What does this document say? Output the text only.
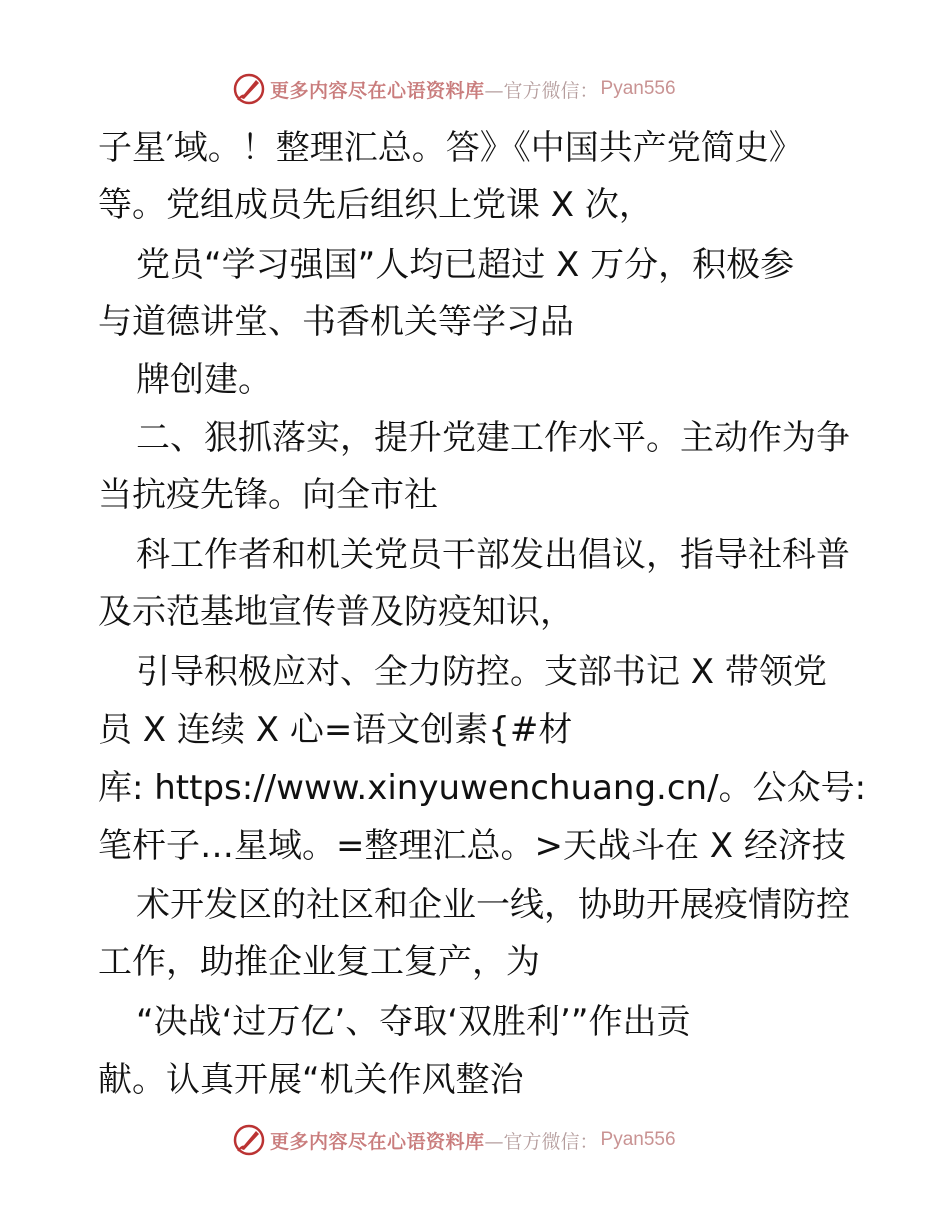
更多内容尽在心语资料库 —官方微信： Pyan556
子星′域。！整理汇总。答》《中国共产党简史》
等。党组成员先后组织上党课 X 次，
党员“学习强国”人均已超过 X 万分，积极参
与道德讲堂、书香机关等学习品
牌创建。
二、狠抓落实，提升党建工作水平。主动作为争
当抗疫先锋。向全市社
科工作者和机关党员干部发出倡议，指导社科普
及示范基地宣传普及防疫知识，
引导积极应对、全力防控。支部书记 X 带领党
员 X 连续 X 心=语文创素{#材
库: https://www.xinyuwenchuang.cn/。公众号:
笔杆子…星域。=整理汇总。>天战斗在 X 经济技
术开发区的社区和企业一线，协助开展疫情防控
工作，助推企业复工复产，为
“决战‘过万亿’、夺取‘双胜利’”作出贡
献。认真开展“机关作风整治
更多内容尽在心语资料库 —官方微信： Pyan556
